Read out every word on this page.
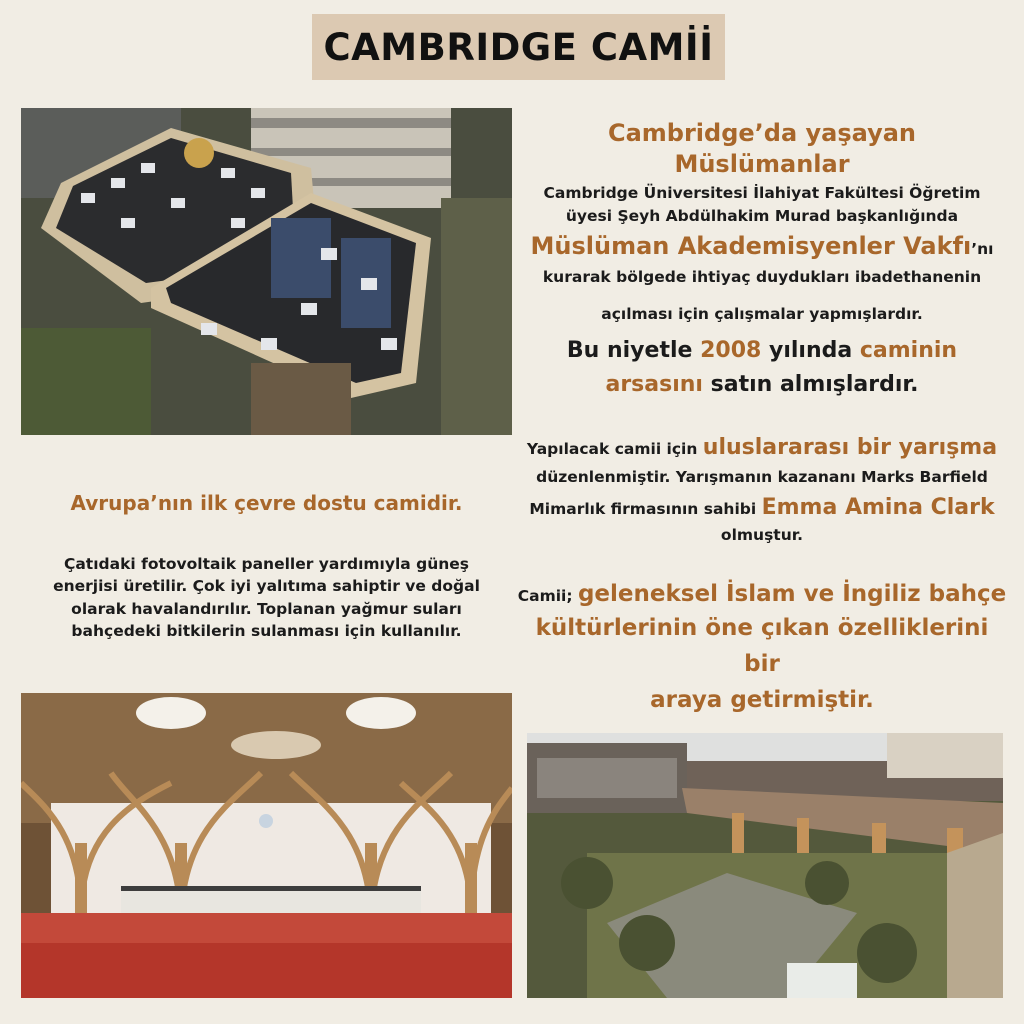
CAMBRIDGE CAMİİ
Cambridge’da yaşayan Müslümanlar
Cambridge Üniversitesi İlahiyat Fakültesi Öğretim
üyesi Şeyh Abdülhakim Murad başkanlığında
Müslüman Akademisyenler Vakfı’nı
kurarak bölgede ihtiyaç duydukları ibadethanenin
açılması için çalışmalar yapmışlardır.
Bu niyetle 2008 yılında caminin
arsasını satın almışlardır.
Yapılacak camii için uluslararası bir yarışma
düzenlenmiştir. Yarışmanın kazananı Marks Barfield
Mimarlık firmasının sahibi Emma Amina Clark
olmuştur.
Camii; geleneksel İslam ve İngiliz bahçe
kültürlerinin öne çıkan özelliklerini bir
araya getirmiştir.
Avrupa’nın ilk çevre dostu camidir.
Çatıdaki fotovoltaik paneller yardımıyla güneş
enerjisi üretilir. Çok iyi yalıtıma sahiptir ve doğal
olarak havalandırılır. Toplanan yağmur suları
bahçedeki bitkilerin sulanması için kullanılır.
